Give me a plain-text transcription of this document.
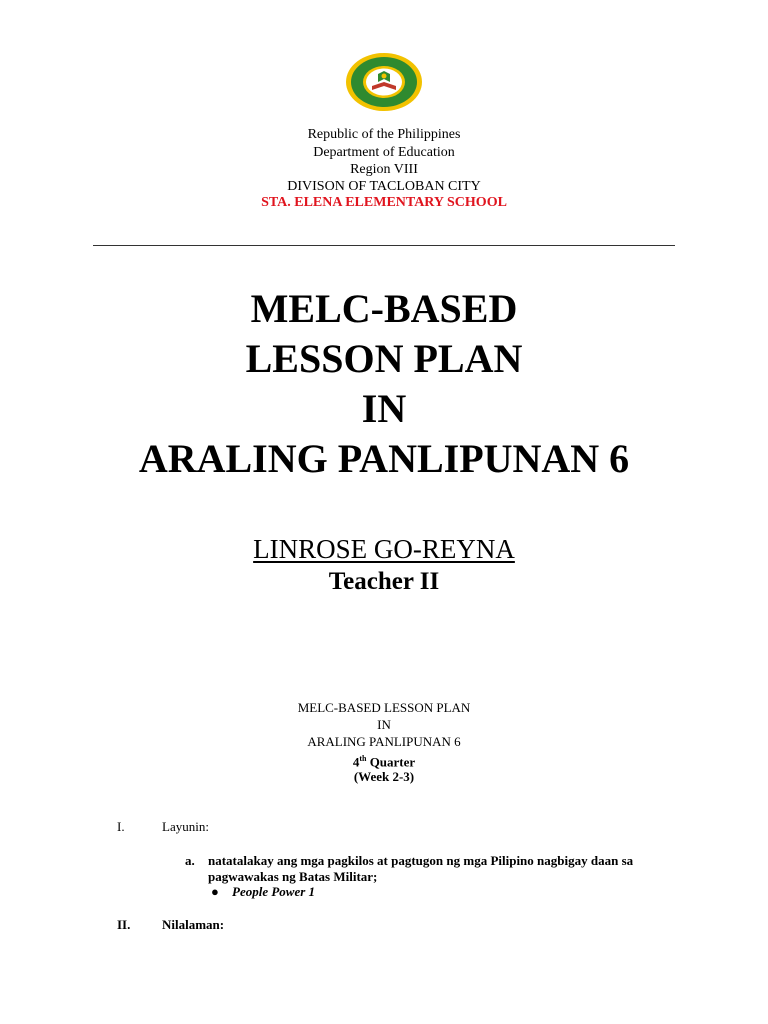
Republic of the Philippines
Department of Education
Region VIII
DIVISON OF TACLOBAN CITY
STA. ELENA ELEMENTARY SCHOOL
MELC-BASED
LESSON PLAN
IN
ARALING PANLIPUNAN 6
LINROSE GO-REYNA
Teacher II
MELC-BASED LESSON PLAN
IN
ARALING PANLIPUNAN 6
4th Quarter
(Week 2-3)
I.	Layunin:
a. natatalakay ang mga pagkilos at pagtugon ng mga Pilipino nagbigay daan sa pagwawakas ng Batas Militar;
● People Power 1
II. Nilalaman:
